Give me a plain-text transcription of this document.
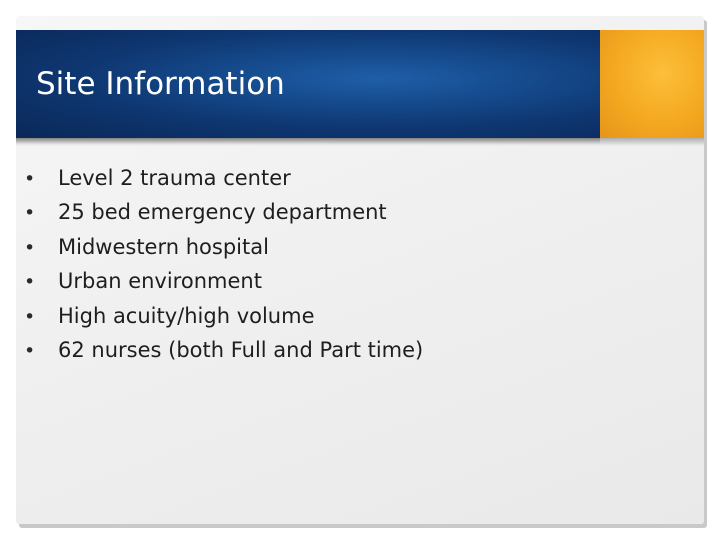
Site Information
• Level 2 trauma center
• 25 bed emergency department
• Midwestern hospital
• Urban environment
• High acuity/high volume
• 62 nurses (both Full and Part time)
